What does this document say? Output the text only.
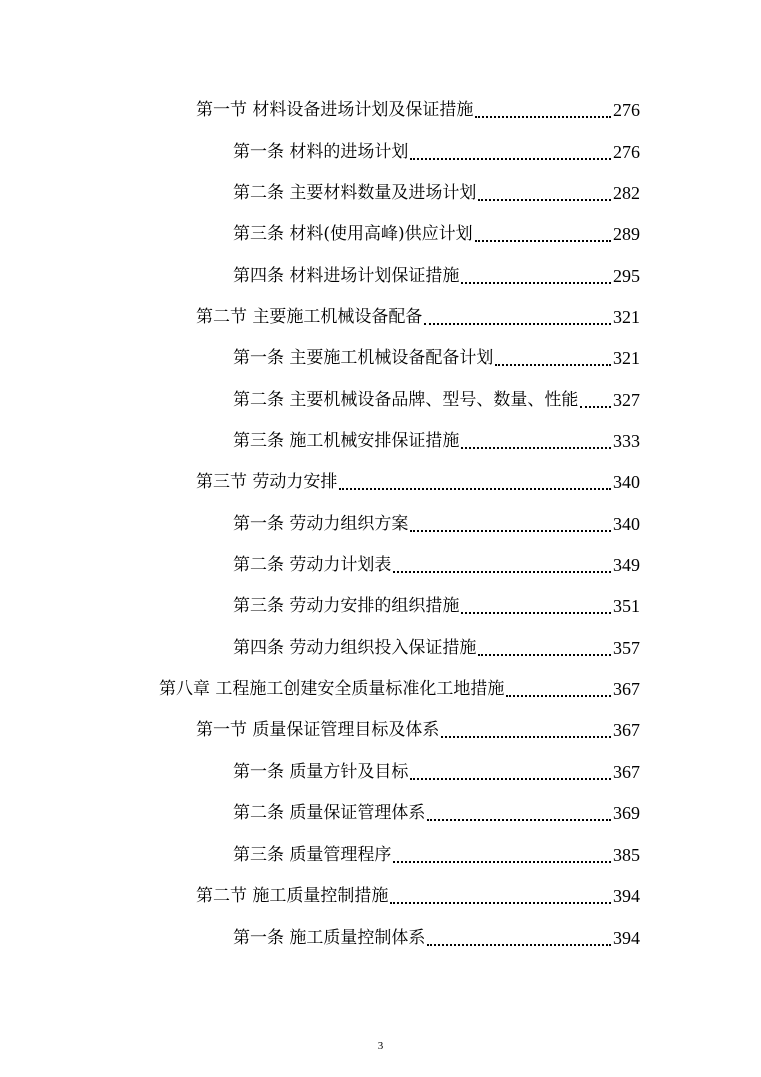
第一节 材料设备进场计划及保证措施	276
第一条 材料的进场计划	276
第二条 主要材料数量及进场计划	282
第三条 材料(使用高峰)供应计划	289
第四条 材料进场计划保证措施	295
第二节 主要施工机械设备配备	321
第一条 主要施工机械设备配备计划	321
第二条 主要机械设备品牌、型号、数量、性能 327
第三条 施工机械安排保证措施	333
第三节 劳动力安排	340
第一条 劳动力组织方案	340
第二条 劳动力计划表	349
第三条 劳动力安排的组织措施	351
第四条 劳动力组织投入保证措施	357
第八章 工程施工创建安全质量标准化工地措施	367
第一节 质量保证管理目标及体系	367
第一条 质量方针及目标	367
第二条 质量保证管理体系	369
第三条 质量管理程序	385
第二节 施工质量控制措施	394
第一条 施工质量控制体系	394
3
